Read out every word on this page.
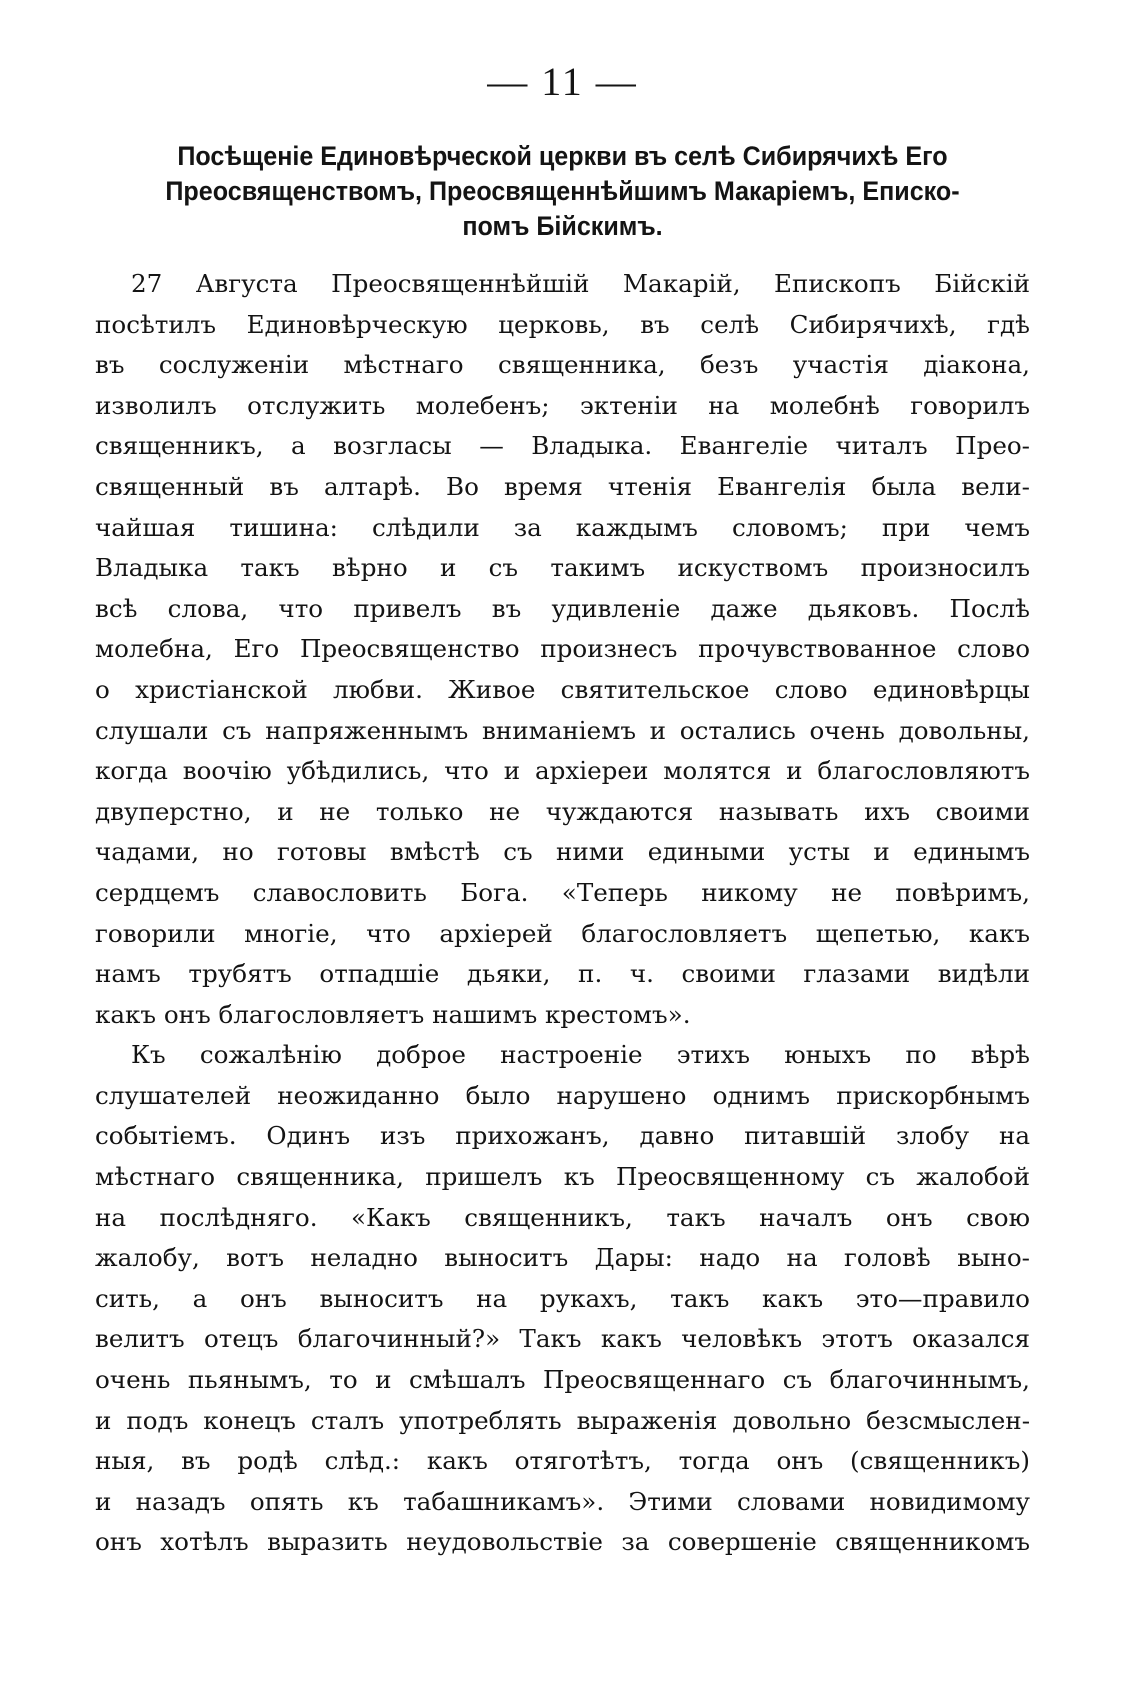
— 11 —
Посѣщеніе Единовѣрческой церкви въ селѣ Сибирячихѣ Его
Преосвященствомъ, Преосвященнѣйшимъ Макаріемъ, Еписко-
помъ Бійскимъ.
27 Августа Преосвященнѣйшій Макарій, Епископъ Бійскій
посѣтилъ Единовѣрческую церковь, въ селѣ Сибирячихѣ, гдѣ
въ сослуженіи мѣстнаго священника, безъ участія діакона,
изволилъ отслужить молебенъ; эктеніи на молебнѣ говорилъ
священникъ, а возгласы — Владыка. Евангеліе читалъ Прео-
священный въ алтарѣ. Во время чтенія Евангелія была вели-
чайшая тишина: слѣдили за каждымъ словомъ; при чемъ
Владыка такъ вѣрно и съ такимъ искуствомъ произносилъ
всѣ слова, что привелъ въ удивленіе даже дьяковъ. Послѣ
молебна, Его Преосвященство произнесъ прочувствованное слово
о христіанской любви. Живое святительское слово единовѣрцы
слушали съ напряженнымъ вниманіемъ и остались очень довольны,
когда воочію убѣдились, что и архіереи молятся и благословляютъ
двуперстно, и не только не чуждаются называть ихъ своими
чадами, но готовы вмѣстѣ съ ними едиными усты и единымъ
сердцемъ славословить Бога. «Теперь никому не повѣримъ,
говорили многіе, что архіерей благословляетъ щепетью, какъ
намъ трубятъ отпадшіе дьяки, п. ч. своими глазами видѣли
какъ онъ благословляетъ нашимъ крестомъ».
Къ сожалѣнію доброе настроеніе этихъ юныхъ по вѣрѣ
слушателей неожиданно было нарушено однимъ прискорбнымъ
событіемъ. Одинъ изъ прихожанъ, давно питавшій злобу на
мѣстнаго священника, пришелъ къ Преосвященному съ жалобой
на послѣдняго. «Какъ священникъ, такъ началъ онъ свою
жалобу, вотъ неладно выноситъ Дары: надо на головѣ выно-
сить, а онъ выноситъ на рукахъ, такъ какъ это—правило
велитъ отецъ благочинный?» Такъ какъ человѣкъ этотъ оказался
очень пьянымъ, то и смѣшалъ Преосвященнаго съ благочиннымъ,
и подъ конецъ сталъ употреблять выраженія довольно безсмыслен-
ныя, въ родѣ слѣд.: какъ отяготѣтъ, тогда онъ (священникъ)
и назадъ опять къ табашникамъ». Этими словами новидимому
онъ хотѣлъ выразить неудовольствіе за совершеніе священникомъ
